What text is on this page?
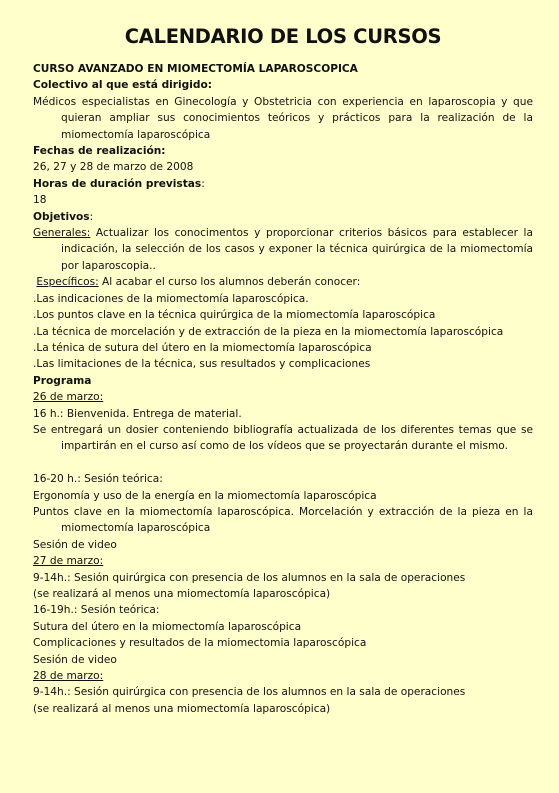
CALENDARIO DE LOS CURSOS

CURSO AVANZADO EN MIOMECTOMÍA LAPAROSCOPICA

Colectivo al que está dirigido:

Médicos especialistas en Ginecología y Obstetricia con experiencia en laparoscopia y que quieran ampliar sus conocimientos teóricos y prácticos para la realización de la miomectomía laparoscópica

Fechas de realización:

26, 27 y 28 de marzo de 2008

Horas de duración previstas:

18

Objetivos:

Generales: Actualizar los conocimentos y proporcionar criterios básicos para establecer la indicación, la selección de los casos y exponer la técnica quirúrgica de la miomectomía por laparoscopia..

Específicos: Al acabar el curso los alumnos deberán conocer:

.Las indicaciones de la miomectomía laparoscópica.

.Los puntos clave en la técnica quirúrgica de la miomectomía laparoscópica

.La técnica de morcelación y de extracción de la pieza en la miomectomía laparoscópica

.La ténica de sutura del útero en la miomectomía laparoscópica

.Las limitaciones de la técnica, sus resultados y complicaciones

Programa

26 de marzo:

16 h.: Bienvenida. Entrega de material.

Se entregará un dosier conteniendo bibliografía actualizada de los diferentes temas que se impartirán en el curso así como de los vídeos que se proyectarán durante el mismo.

16-20 h.: Sesión teórica:

Ergonomía y uso de la energía en la miomectomía laparoscópica

Puntos clave en la miomectomía laparoscópica. Morcelación y extracción de la pieza en la miomectomía laparoscópica

Sesión de video

27 de marzo:

9-14h.: Sesión quirúrgica con presencia de los alumnos en la sala de operaciones

(se realizará al menos una miomectomía laparoscópica)

16-19h.: Sesión teórica:

Sutura del útero en la miomectomía laparoscópica

Complicaciones y resultados de la miomectomia laparoscópica

Sesión de video

28 de marzo:

9-14h.: Sesión quirúrgica con presencia de los alumnos en la sala de operaciones

(se realizará al menos una miomectomía laparoscópica)
